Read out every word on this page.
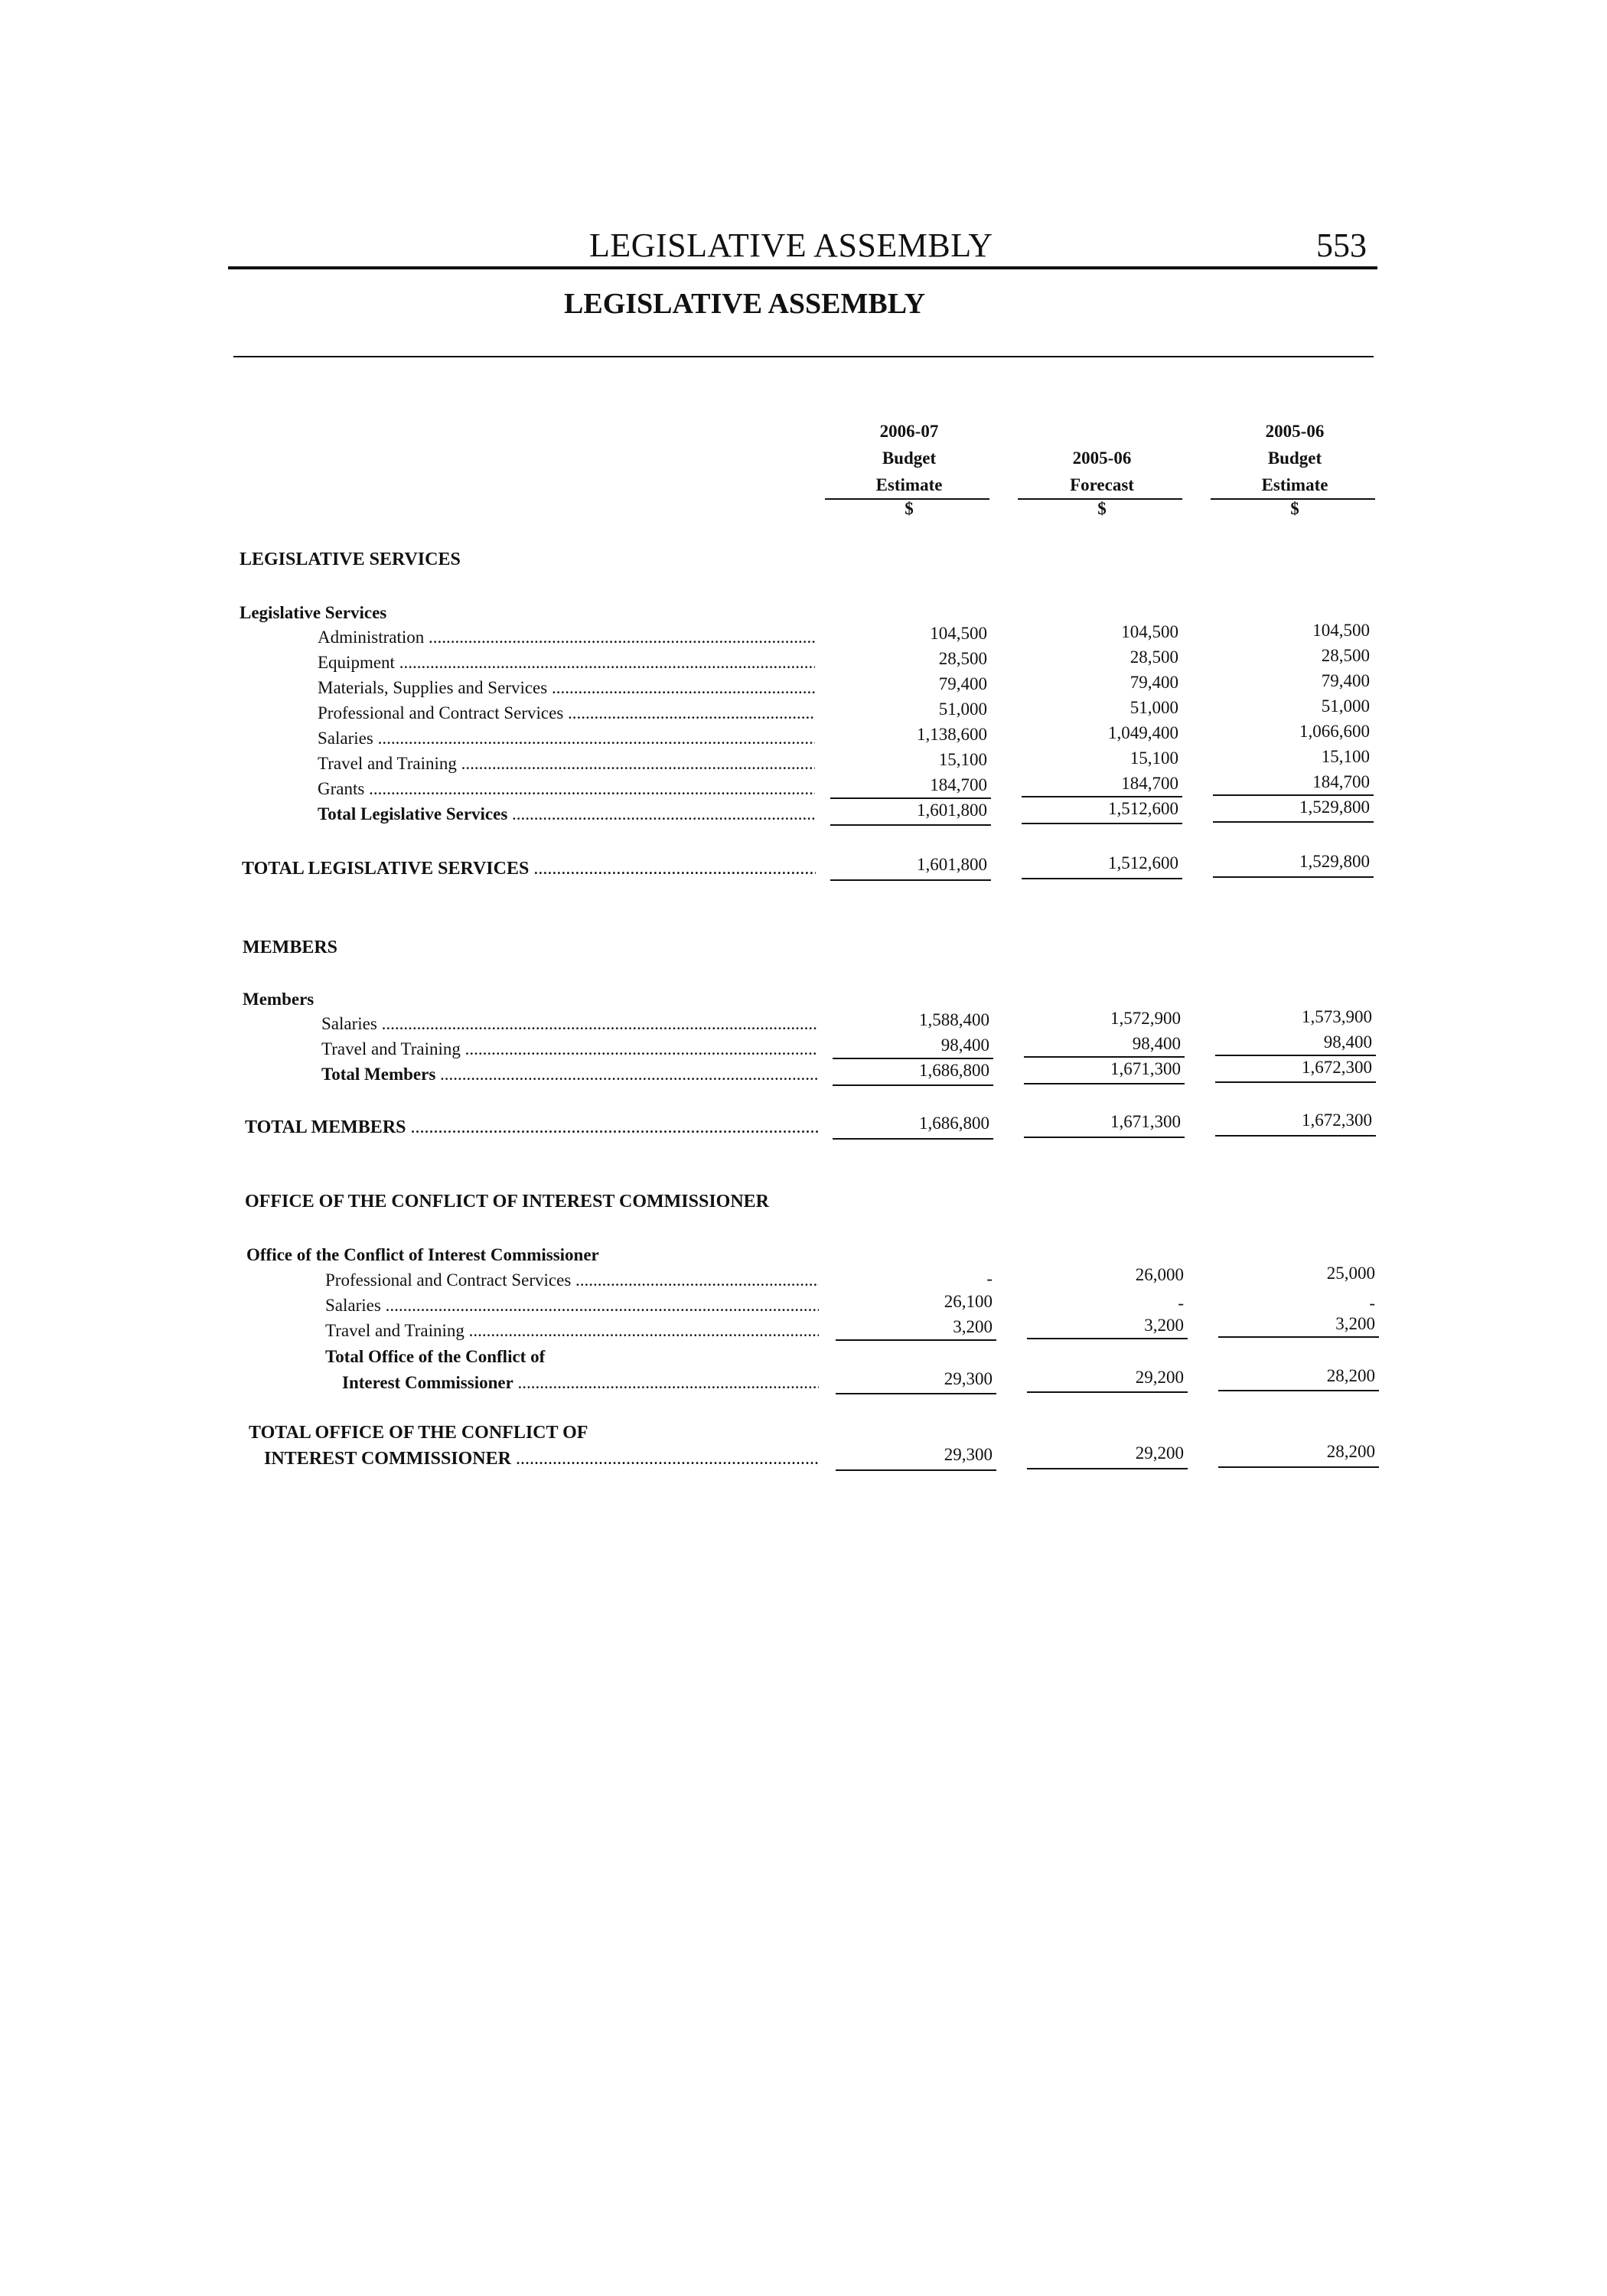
LEGISLATIVE ASSEMBLY	553
LEGISLATIVE ASSEMBLY
2006-07
Budget
Estimate
$

2005-06
Forecast
$
2005-06
Budget
Estimate
$
LEGISLATIVE SERVICES
Legislative Services
Administration .....	104,500	104,500	104,500
Equipment .....	28,500	28,500	28,500
Materials, Supplies and Services .....	79,400	79,400	79,400
Professional and Contract Services .....	51,000	51,000	51,000
Salaries .....	1,138,600	1,049,400	1,066,600
Travel and Training .....	15,100	15,100	15,100
Grants .....	184,700	184,700	184,700
Total Legislative Services .....	1,601,800	1,512,600	1,529,800
TOTAL LEGISLATIVE SERVICES .....	1,601,800	1,512,600	1,529,800
MEMBERS
Members
Salaries .....	1,588,400	1,572,900	1,573,900
Travel and Training .....	98,400	98,400	98,400
Total Members .....	1,686,800	1,671,300	1,672,300
TOTAL MEMBERS .....	1,686,800	1,671,300	1,672,300
OFFICE OF THE CONFLICT OF INTEREST COMMISSIONER
Office of the Conflict of Interest Commissioner
Professional and Contract Services .....	-	26,000	25,000
Salaries .....	26,100	-	-
Travel and Training .....	3,200	3,200	3,200
Total Office of the Conflict of
Interest Commissioner .....	29,300	29,200	28,200
TOTAL OFFICE OF THE CONFLICT OF
INTEREST COMMISSIONER .....	29,300	29,200	28,200
